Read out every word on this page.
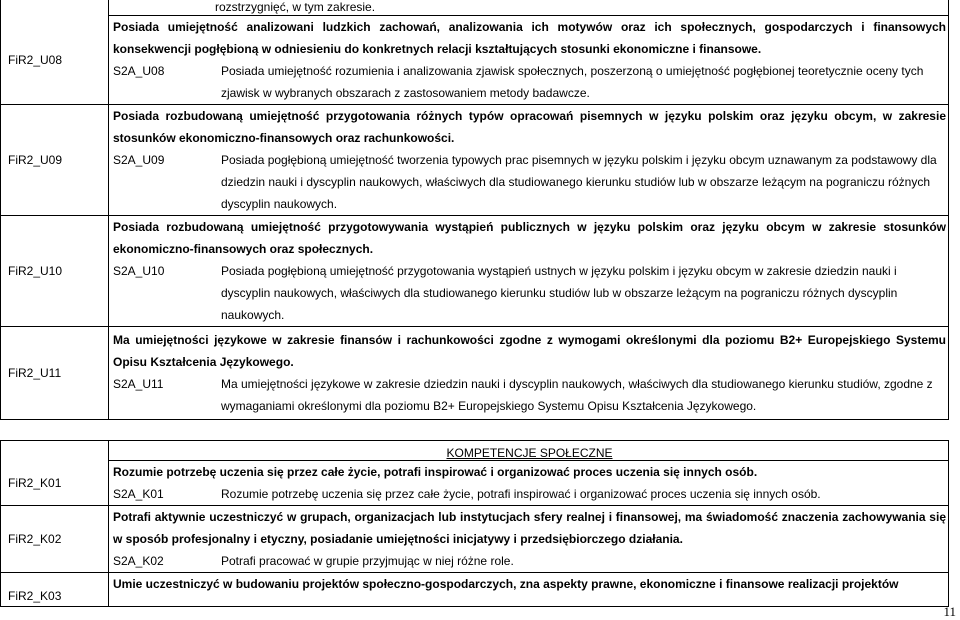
	rozstrzygnięć, w tym zakresie.

FiR2_U08	Posiada umiejętność analizowani ludzkich zachowań, analizowania ich motywów oraz ich społecznych, gospodarczych i finansowych konsekwencji pogłębioną w odniesieniu do konkretnych relacji kształtujących stosunki ekonomiczne i finansowe.
S2A_U08 Posiada umiejętność rozumienia i analizowania zjawisk społecznych, poszerzoną o umiejętność pogłębionej teoretycznie oceny tych zjawisk w wybranych obszarach z zastosowaniem metody badawcze.

FiR2_U09	Posiada rozbudowaną umiejętność przygotowania różnych typów opracowań pisemnych w języku polskim oraz języku obcym, w zakresie stosunków ekonomiczno-finansowych oraz rachunkowości.
S2A_U09 Posiada pogłębioną umiejętność tworzenia typowych prac pisemnych w języku polskim i języku obcym uznawanym za podstawowy dla dziedzin nauki i dyscyplin naukowych, właściwych dla studiowanego kierunku studiów lub w obszarze leżącym na pograniczu różnych dyscyplin naukowych.

FiR2_U10	Posiada rozbudowaną umiejętność przygotowywania wystąpień publicznych w języku polskim oraz języku obcym w zakresie stosunków ekonomiczno-finansowych oraz społecznych.
S2A_U10 Posiada pogłębioną umiejętność przygotowania wystąpień ustnych w języku polskim i języku obcym w zakresie dziedzin nauki i dyscyplin naukowych, właściwych dla studiowanego kierunku studiów lub w obszarze leżącym na pograniczu różnych dyscyplin naukowych.

FiR2_U11	Ma umiejętności językowe w zakresie finansów i rachunkowości zgodne z wymogami określonymi dla poziomu B2+ Europejskiego Systemu Opisu Kształcenia Językowego.
S2A_U11 Ma umiejętności językowe w zakresie dziedzin nauki i dyscyplin naukowych, właściwych dla studiowanego kierunku studiów, zgodne z wymaganiami określonymi dla poziomu B2+ Europejskiego Systemu Opisu Kształcenia Językowego.

	KOMPETENCJE SPOŁECZNE

FiR2_K01	Rozumie potrzebę uczenia się przez całe życie, potrafi inspirować i organizować proces uczenia się innych osób.
S2A_K01 Rozumie potrzebę uczenia się przez całe życie, potrafi inspirować i organizować proces uczenia się innych osób.

FiR2_K02	Potrafi aktywnie uczestniczyć w grupach, organizacjach lub instytucjach sfery realnej i finansowej, ma świadomość znaczenia zachowywania się w sposób profesjonalny i etyczny, posiadanie umiejętności inicjatywy i przedsiębiorczego działania.
S2A_K02 Potrafi pracować w grupie przyjmując w niej różne role.

FiR2_K03	Umie uczestniczyć w budowaniu projektów społeczno-gospodarczych, zna aspekty prawne, ekonomiczne i finansowe realizacji projektów
11
